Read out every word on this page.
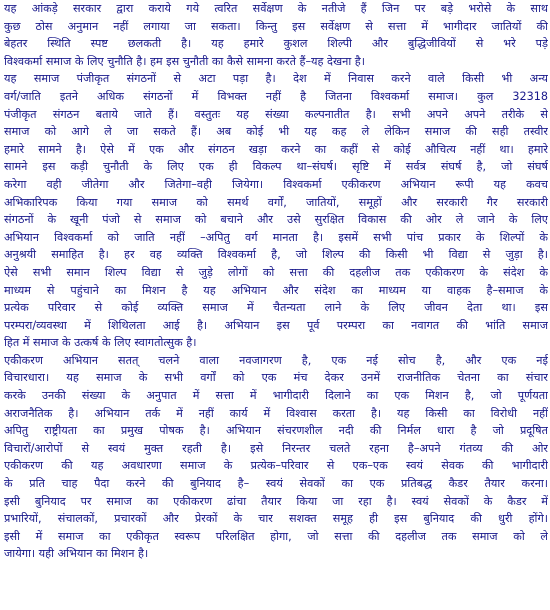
यह आंकड़े सरकार द्वारा कराये गये त्वरित सर्वेक्षण के नतीजे हैं जिन पर बड़े भरोसे के साथ
कुछ ठोस अनुमान नहीं लगाया जा सकता। किन्तु इस सर्वेक्षण से सत्ता में भागीदार जातियों की
बेहतर स्थिति स्पष्ट छलकती है। यह हमारे कुशल शिल्पी और बुद्धिजीवियों से भरे पड़े
विश्वकर्मा समाज के लिए चुनौति है। हम इस चुनौती का कैसे सामना करते हैं–यह देखना है।
यह समाज पंजीकृत संगठनों से अटा पड़ा है। देश में निवास करने वाले किसी भी अन्य
वर्ग/जाति इतने अधिक संगठनों में विभक्त नहीं है जितना विश्वकर्मा समाज। कुल 32318
पंजीकृत संगठन बताये जाते हैं। वस्तुतः यह संख्या कल्पनातीत है। सभी अपने अपने तरीके से
समाज को आगे ले जा सकते हैं। अब कोई भी यह कह ले लेकिन समाज की सही तस्वीर
हमारे सामने है। ऐसे में एक और संगठन खड़ा करने का कहीं से कोई औचित्य नहीं था। हमारे
सामने इस कड़ी चुनौती के लिए एक ही विकल्प था–संघर्ष। सृष्टि में सर्वत्र संघर्ष है, जो संघर्ष
करेगा वही जीतेगा और जितेगा–वही जियेगा। विश्वकर्मा एकीकरण अभियान रूपी यह कवच
अभिकारिपक किया गया समाज को समर्थ वर्गों, जातियों, समूहों और सरकारी गैर सरकारी
संगठनों के खूनी पंजो से समाज को बचाने और उसे सुरक्षित विकास की ओर ले जाने के लिए
अभियान विश्वकर्मा को जाति नहीं –अपितु वर्ग मानता है। इसमें सभी पांच प्रकार के शिल्पों के
अनुश्रयी समाहित है। हर वह व्यक्ति विश्वकर्मा है, जो शिल्प की किसी भी विद्या से जुड़ा है।
ऐसे सभी समान शिल्प विद्या से जुड़े लोगों को सत्ता की दहलीज तक एकीकरण के संदेश के
माध्यम से पहुंचाने का मिशन है यह अभियान और संदेश का माध्यम या वाहक है–समाज के
प्रत्येक परिवार से कोई व्यक्ति समाज में चैतन्यता लाने के लिए जीवन देता था। इस
परम्परा/व्यवस्था में शिथिलता आई है। अभियान इस पूर्व परम्परा का नवागत की भांति समाज
हित में समाज के उत्कर्ष के लिए स्वागतोत्सुक है।
एकीकरण अभियान सतत् चलने वाला नवजागरण है, एक नई सोच है, और एक नई
विचारधारा। यह समाज के सभी वर्गों को एक मंच देकर उनमें राजनीतिक चेतना का संचार
करके उनकी संख्या के अनुपात में सत्ता में भागीदारी दिलाने का एक मिशन है, जो पूर्णयता
अराजनैतिक है। अभियान तर्क में नहीं कार्य में विश्वास करता है। यह किसी का विरोधी नहीं
अपितु राष्ट्रीयता का प्रमुख पोषक है। अभियान संचरणशील नदी की निर्मल धारा है जो प्रदूषित
विचारों/आरोपों से स्वयं मुक्त रहती है। इसे निरन्तर चलते रहना है–अपने गंतव्य की ओर
एकीकरण की यह अवधारणा समाज के प्रत्येक–परिवार से एक–एक स्वयं सेवक की भागीदारी
के प्रति चाह पैदा करने की बुनियाद है– स्वयं सेवकों का एक प्रतिबद्ध कैडर तैयार करना।
इसी बुनियाद पर समाज का एकीकरण ढांचा तैयार किया जा रहा है। स्वयं सेवकों के कैडर में
प्रभारियों, संचालकों, प्रचारकों और प्रेरकों के चार सशक्त समूह ही इस बुनियाद की धुरी होंगे।
इसी में समाज का एकीकृत स्वरूप परिलक्षित होगा, जो सत्ता की दहलीज तक समाज को ले
जायेगा। यही अभियान का मिशन है।
